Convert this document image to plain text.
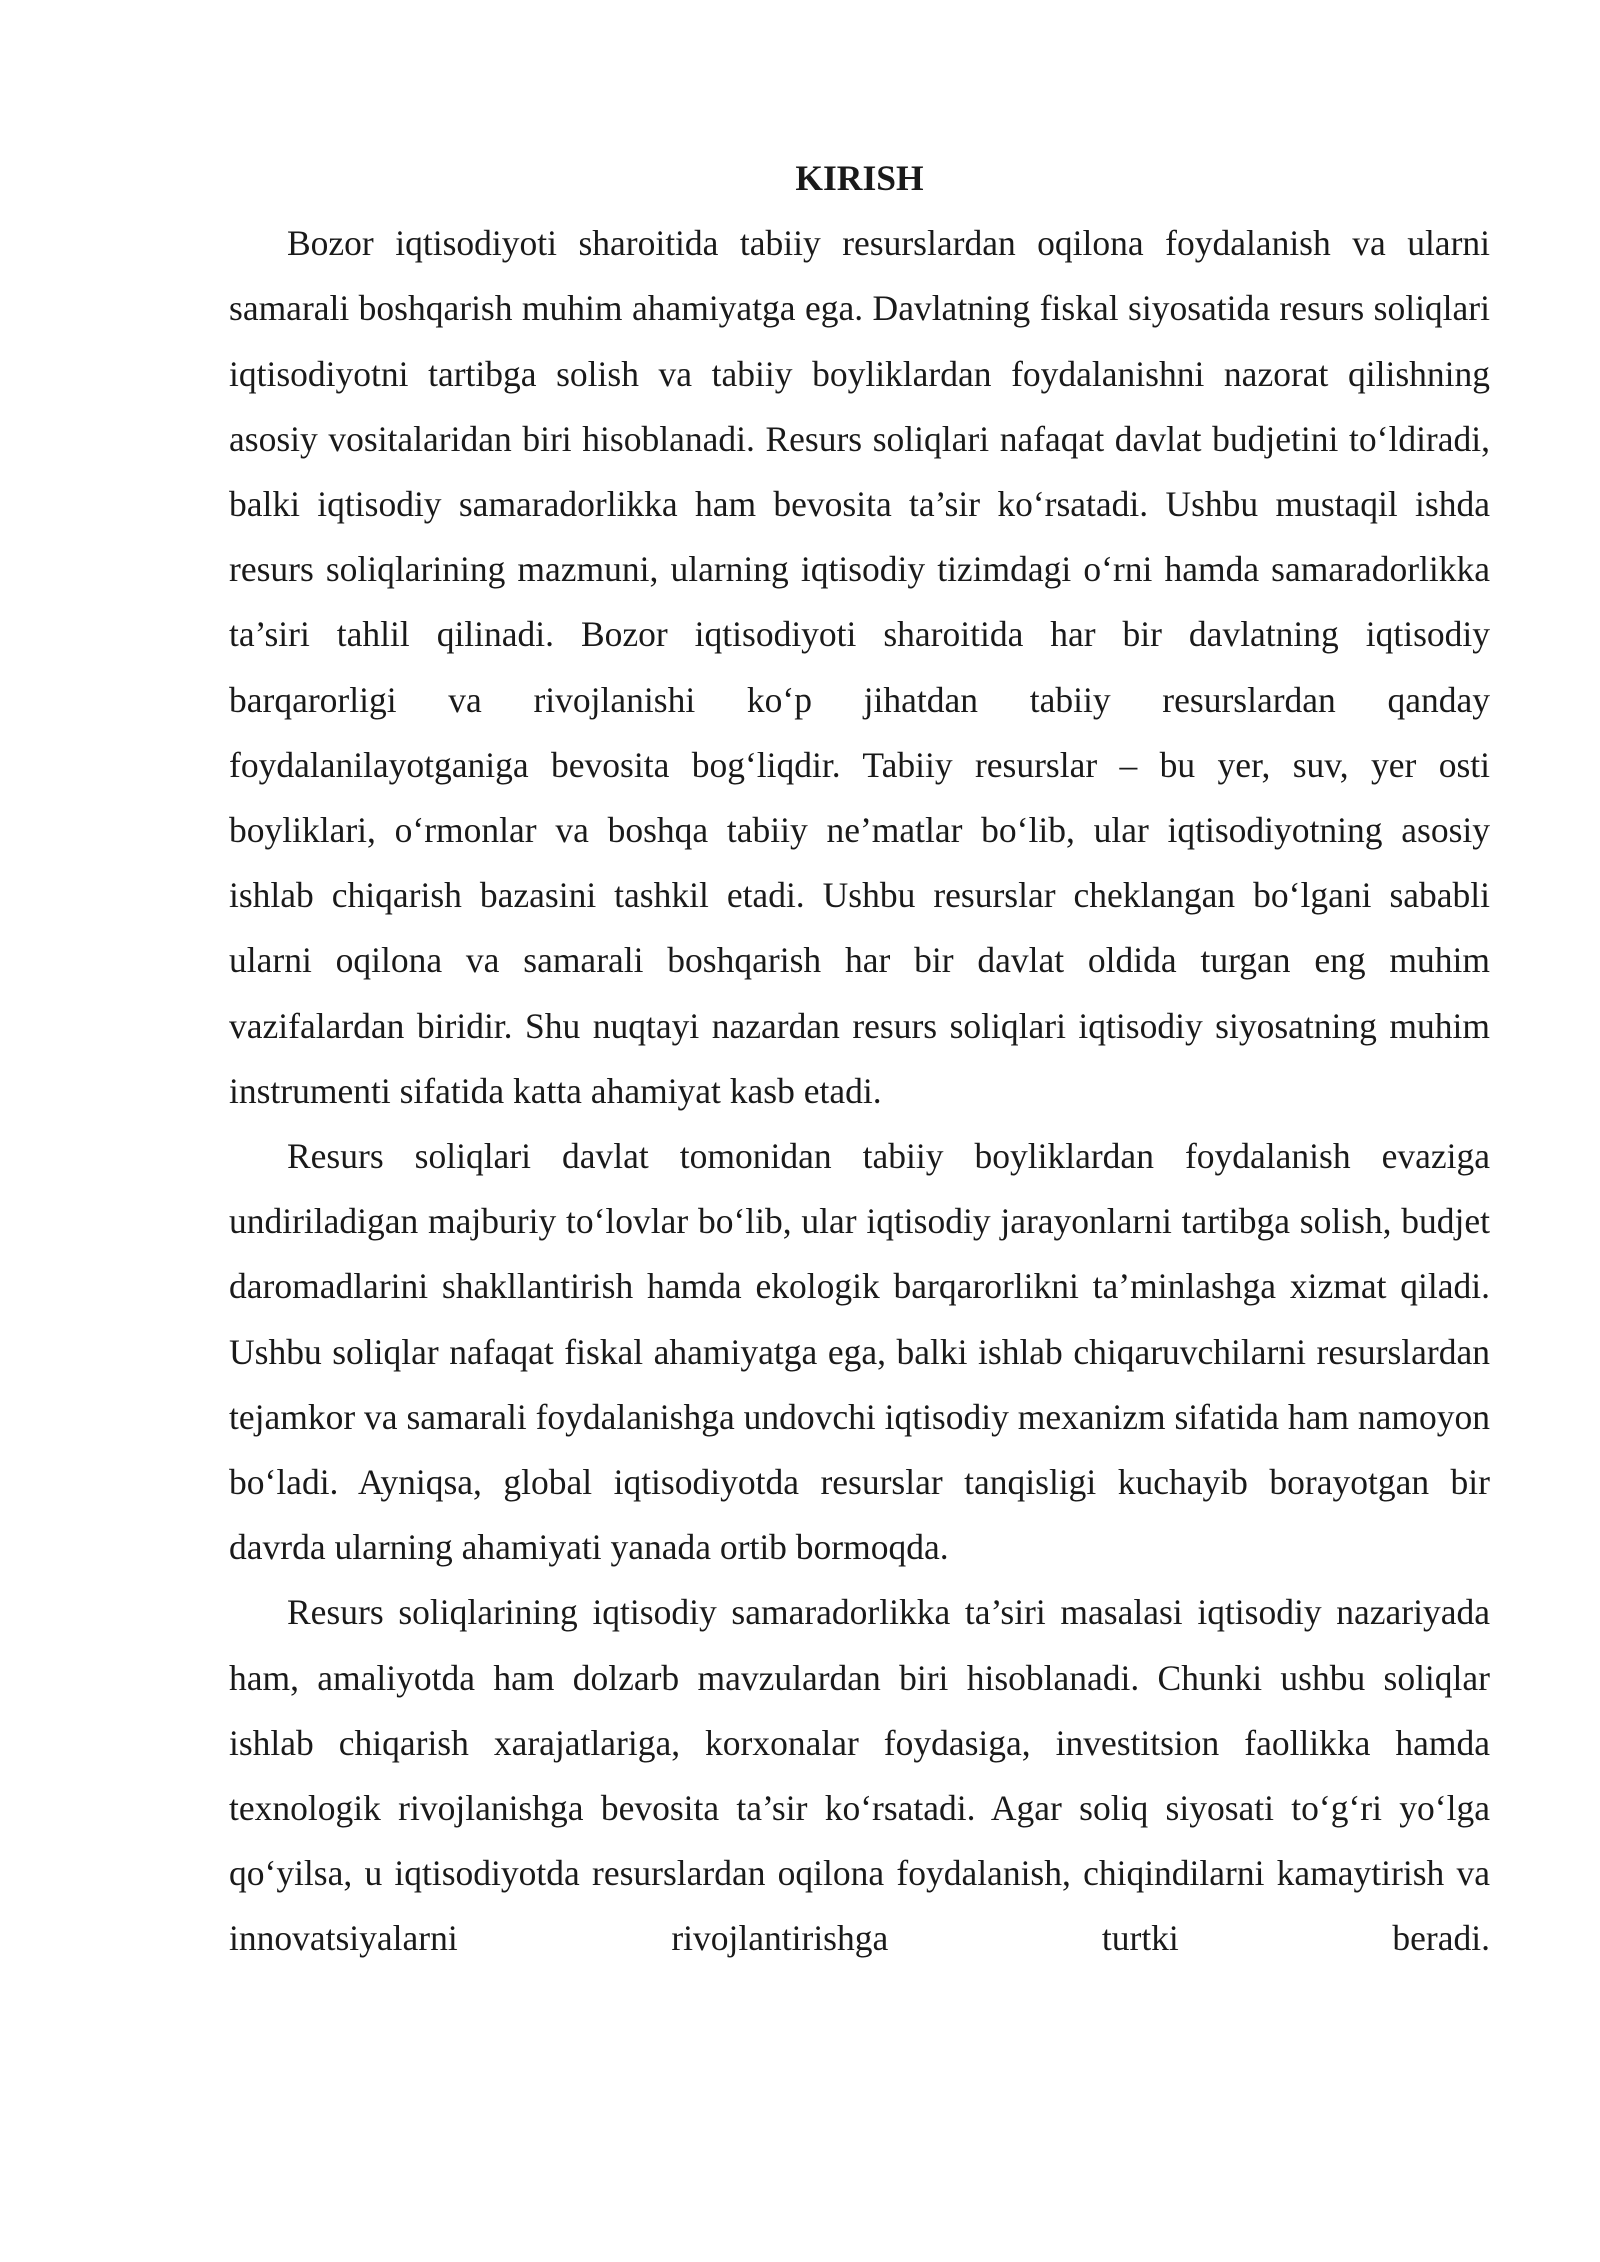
KIRISH

Bozor iqtisodiyoti sharoitida tabiiy resurslardan oqilona foydalanish va ularni samarali boshqarish muhim ahamiyatga ega. Davlatning fiskal siyosatida resurs soliqlari iqtisodiyotni tartibga solish va tabiiy boyliklardan foydalanishni nazorat qilishning asosiy vositalaridan biri hisoblanadi. Resurs soliqlari nafaqat davlat budjetini to‘ldiradi, balki iqtisodiy samaradorlikka ham bevosita ta’sir ko‘rsatadi. Ushbu mustaqil ishda resurs soliqlarining mazmuni, ularning iqtisodiy tizimdagi o‘rni hamda samaradorlikka ta’siri tahlil qilinadi. Bozor iqtisodiyoti sharoitida har bir davlatning iqtisodiy barqarorligi va rivojlanishi ko‘p jihatdan tabiiy resurslardan qanday foydalanilayotganiga bevosita bog‘liqdir. Tabiiy resurslar – bu yer, suv, yer osti boyliklari, o‘rmonlar va boshqa tabiiy ne’matlar bo‘lib, ular iqtisodiyotning asosiy ishlab chiqarish bazasini tashkil etadi. Ushbu resurslar cheklangan bo‘lgani sababli ularni oqilona va samarali boshqarish har bir davlat oldida turgan eng muhim vazifalardan biridir. Shu nuqtayi nazardan resurs soliqlari iqtisodiy siyosatning muhim instrumenti sifatida katta ahamiyat kasb etadi.

Resurs soliqlari davlat tomonidan tabiiy boyliklardan foydalanish evaziga undiriladigan majburiy to‘lovlar bo‘lib, ular iqtisodiy jarayonlarni tartibga solish, budjet daromadlarini shakllantirish hamda ekologik barqarorlikni ta’minlashga xizmat qiladi. Ushbu soliqlar nafaqat fiskal ahamiyatga ega, balki ishlab chiqaruvchilarni resurslardan tejamkor va samarali foydalanishga undovchi iqtisodiy mexanizm sifatida ham namoyon bo‘ladi. Ayniqsa, global iqtisodiyotda resurslar tanqisligi kuchayib borayotgan bir davrda ularning ahamiyati yanada ortib bormoqda.

Resurs soliqlarining iqtisodiy samaradorlikka ta’siri masalasi iqtisodiy nazariyada ham, amaliyotda ham dolzarb mavzulardan biri hisoblanadi. Chunki ushbu soliqlar ishlab chiqarish xarajatlariga, korxonalar foydasiga, investitsion faollikka hamda texnologik rivojlanishga bevosita ta’sir ko‘rsatadi. Agar soliq siyosati to‘g‘ri yo‘lga qo‘yilsa, u iqtisodiyotda resurslardan oqilona foydalanish, chiqindilarni kamaytirish va innovatsiyalarni rivojlantirishga turtki beradi.
